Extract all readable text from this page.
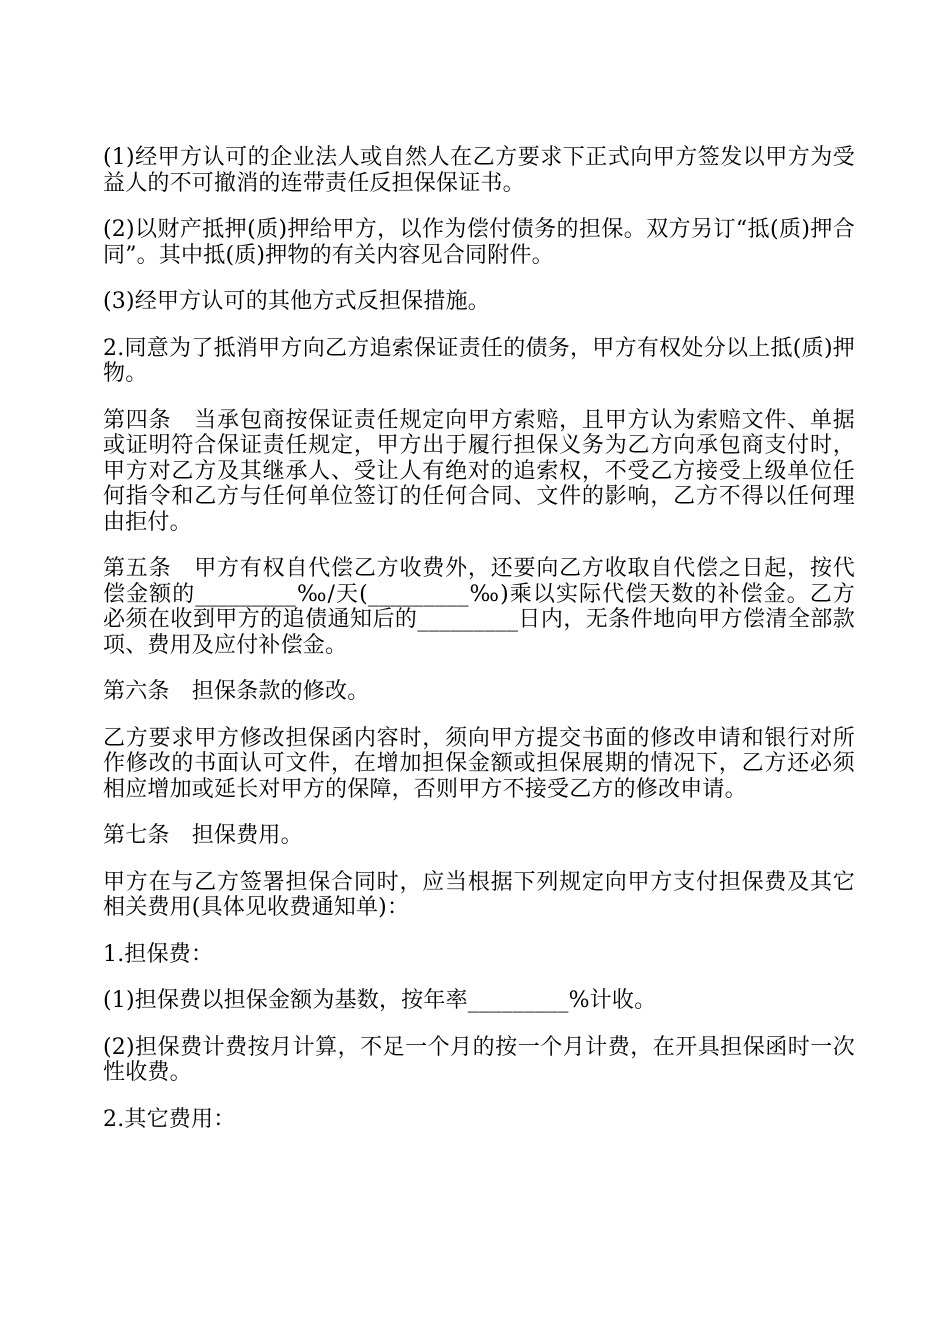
(1)经甲方认可的企业法人或自然人在乙方要求下正式向甲方签发以甲方为受益人的不可撤消的连带责任反担保保证书。

(2)以财产抵押(质)押给甲方，以作为偿付债务的担保。双方另订“抵(质)押合同”。其中抵(质)押物的有关内容见合同附件。

(3)经甲方认可的其他方式反担保措施。

2.同意为了抵消甲方向乙方追索保证责任的债务，甲方有权处分以上抵(质)押物。

第四条　当承包商按保证责任规定向甲方索赔，且甲方认为索赔文件、单据或证明符合保证责任规定，甲方出于履行担保义务为乙方向承包商支付时，甲方对乙方及其继承人、受让人有绝对的追索权，不受乙方接受上级单位任何指令和乙方与任何单位签订的任何合同、文件的影响，乙方不得以任何理由拒付。

第五条　甲方有权自代偿乙方收费外，还要向乙方收取自代偿之日起，按代偿金额的_________‰/天(_________‰)乘以实际代偿天数的补偿金。乙方必须在收到甲方的追债通知后的_________日内，无条件地向甲方偿清全部款项、费用及应付补偿金。

第六条　担保条款的修改。

乙方要求甲方修改担保函内容时，须向甲方提交书面的修改申请和银行对所作修改的书面认可文件，在增加担保金额或担保展期的情况下，乙方还必须相应增加或延长对甲方的保障，否则甲方不接受乙方的修改申请。

第七条　担保费用。

甲方在与乙方签署担保合同时，应当根据下列规定向甲方支付担保费及其它相关费用(具体见收费通知单)：

1.担保费：

(1)担保费以担保金额为基数，按年率_________%计收。

(2)担保费计费按月计算，不足一个月的按一个月计费，在开具担保函时一次性收费。

2.其它费用：
